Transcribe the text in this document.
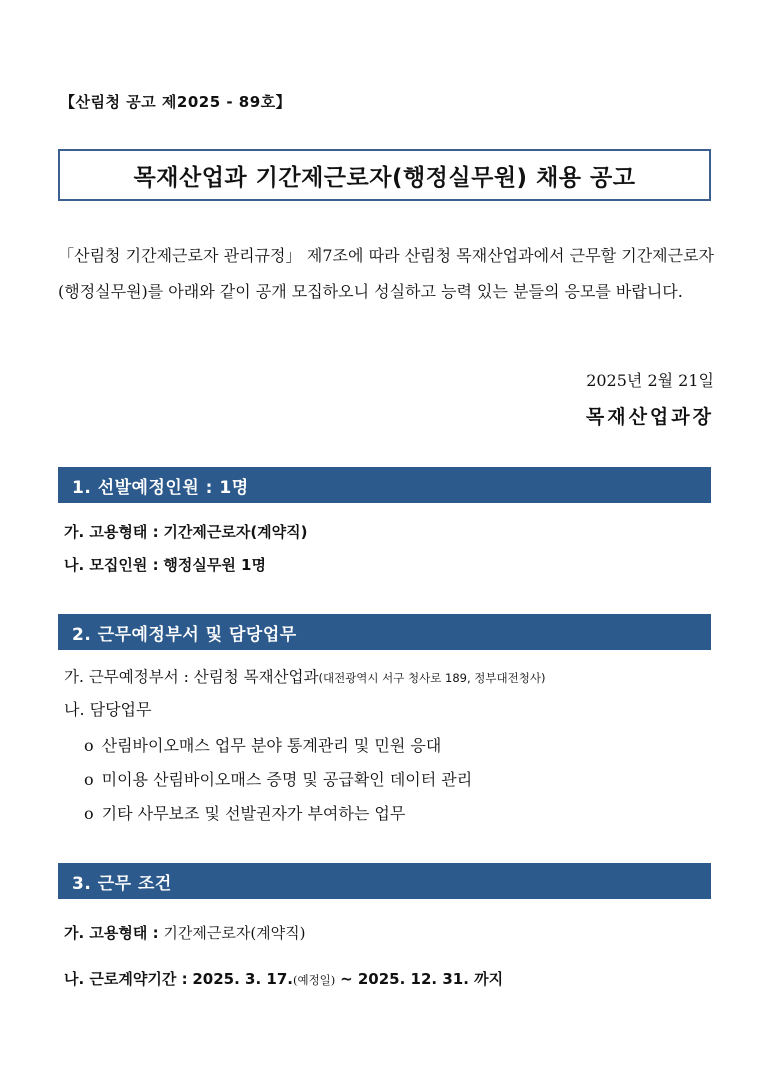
【산림청 공고 제2025 - 89호】
목재산업과 기간제근로자(행정실무원) 채용 공고
「산림청 기간제근로자 관리규정」 제7조에 따라 산림청 목재산업과에서 근무할 기간제근로자(행정실무원)를 아래와 같이 공개 모집하오니 성실하고 능력 있는 분들의 응모를 바랍니다.
2025년 2월 21일
목재산업과장
1. 선발예정인원 : 1명
가. 고용형태 : 기간제근로자(계약직)
나. 모집인원 : 행정실무원 1명
2. 근무예정부서 및 담당업무
가. 근무예정부서 : 산림청 목재산업과(대전광역시 서구 청사로 189, 정부대전청사)
나. 담당업무
o 산림바이오매스 업무 분야 통계관리 및 민원 응대
o 미이용 산림바이오매스 증명 및 공급확인 데이터 관리
o 기타 사무보조 및 선발권자가 부여하는 업무
3. 근무 조건
가. 고용형태 : 기간제근로자(계약직)
나. 근로계약기간 : 2025. 3. 17.(예정일) ~ 2025. 12. 31. 까지
